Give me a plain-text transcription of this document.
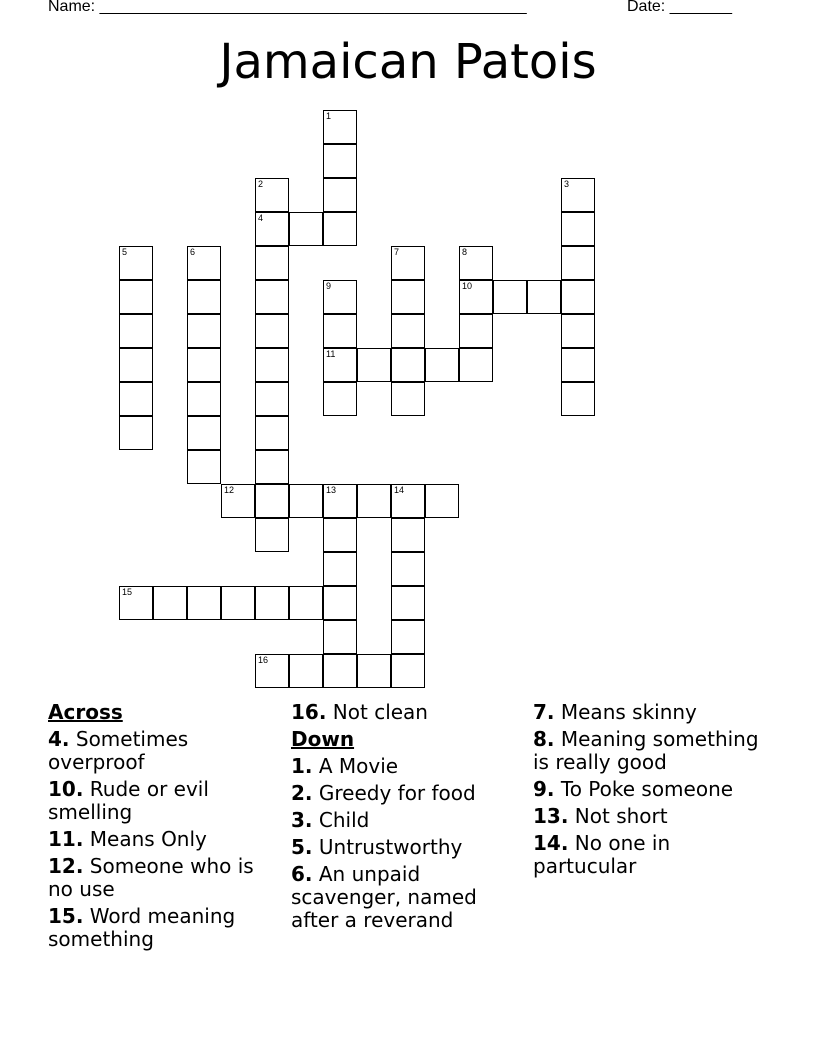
Name: ________________________________________________	Date: _______
Jamaican Patois
1
2
4
3
5	6	7	8
10
9
11
12	13	14
15
16
Across
4. Sometimes overproof
10. Rude or evil smelling
11. Means Only
12. Someone who is no use
15. Word meaning something
16. Not clean
Down
1. A Movie
2. Greedy for food
3. Child
5. Untrustworthy
6. An unpaid scavenger, named after a reverand
7. Means skinny
8. Meaning something is really good
9. To Poke someone
13. Not short
14. No one in partucular
